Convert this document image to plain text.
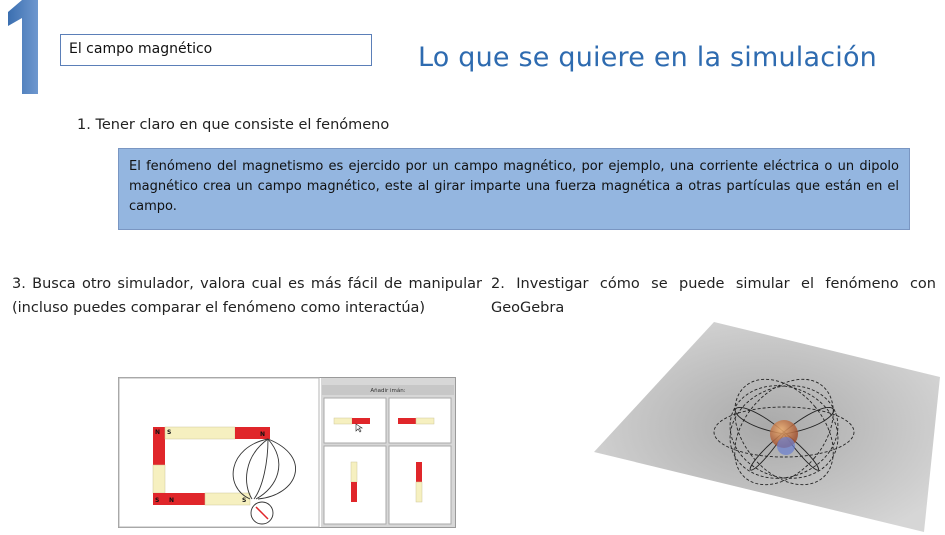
El campo magnético	Lo que se quiere en la simulación
1. Tener claro en que consiste el fenómeno
El fenómeno del magnetismo es ejercido por un campo magnético, por ejemplo, una corriente eléctrica o un dipolo magnético crea un campo magnético, este al girar imparte una fuerza magnética a otras partículas que están en el campo.
3. Busca otro simulador, valora cual es más fácil de manipular (incluso puedes comparar el fenómeno como interactúa)
2. Investigar cómo se puede simular el fenómeno con GeoGebra
N S	N
S N	S
Añadir imán:
